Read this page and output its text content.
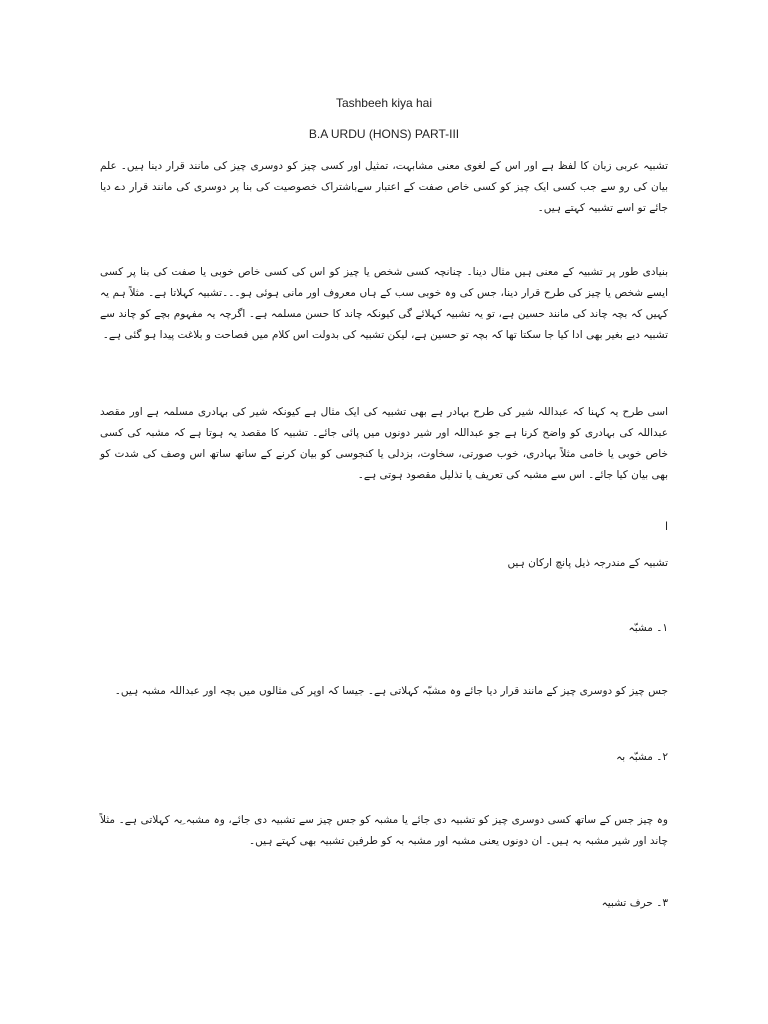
Tashbeeh kiya hai
B.A URDU (HONS) PART-III
تشبیہ عربی زبان کا لفظ ہے اور اس کے لغوی معنی مشابہت، تمثیل اور کسی چیز کو دوسری چیز کی مانند قرار دینا ہیں۔ علم بیان کی رو سے جب کسی ایک چیز کو کسی خاص صفت کے اعتبار سےباشتراک خصوصیت کی بنا پر دوسری کی مانند قرار دے دیا جائے تو اسے تشبیہ کہتے ہیں۔
بنیادی طور پر تشبیہ کے معنی ہیں مثال دینا۔ چنانچہ کسی شخص یا چیز کو اس کی کسی خاص خوبی یا صفت کی بنا پر کسی ایسے شخص یا چیز کی طرح قرار دینا، جس کی وہ خوبی سب کے ہاں معروف اور مانی ہوئی ہو۔۔۔تشبیہ کہلاتا ہے۔ مثلاً ہم یہ کہیں کہ بچہ چاند کی مانند حسین ہے، تو یہ تشبیہ کہلائے گی کیونکہ چاند کا حسن مسلمہ ہے۔ اگرچہ یہ مفہوم بچے کو چاند سے تشبیہ دیے بغیر بھی ادا کیا جا سکتا تھا کہ بچہ تو حسین ہے، لیکن تشبیہ کی بدولت اس کلام میں فصاحت و بلاغت پیدا ہو گئی ہے۔
اسی طرح یہ کہنا کہ عبداللہ شیر کی طرح بہادر ہے بھی تشبیہ کی ایک مثال ہے کیونکہ شیر کی بہادری مسلمہ ہے اور مقصد عبداللہ کی بہادری کو واضح کرنا ہے جو عبداللہ اور شیر دونوں میں پائی جائے۔ تشبیہ کا مقصد یہ ہوتا ہے کہ مشبہ کی کسی خاص خوبی یا خامی مثلاً بہادری، خوب صورتی، سخاوت، بزدلی یا کنجوسی کو بیان کرنے کے ساتھ ساتھ اس وصف کی شدت کو بھی بیان کیا جائے۔ اس سے مشبہ کی تعریف یا تذلیل مقصود ہوتی ہے۔
ا
تشبیہ کے مندرجہ ذیل پانچ ارکان ہیں
۱۔ مشبّہ
جس چیز کو دوسری چیز کے مانند قرار دیا جائے وہ مشبّہ کہلاتی ہے۔ جیسا کہ اوپر کی مثالوں میں بچہ اور عبداللہ مشبہ ہیں۔
۲۔ مشبّہ بہ
وہ چیز جس کے ساتھ کسی دوسری چیز کو تشبیہ دی جائے یا مشبہ کو جس چیز سے تشبیہ دی جائے، وہ مشبہ ِبہ کہلاتی ہے۔ مثلاً چاند اور شیر مشبہ بہ ہیں۔ ان دونوں یعنی مشبہ اور مشبہ بہ کو طرفین تشبیہ بھی کہتے ہیں۔
۳۔ حرف تشبیہ
